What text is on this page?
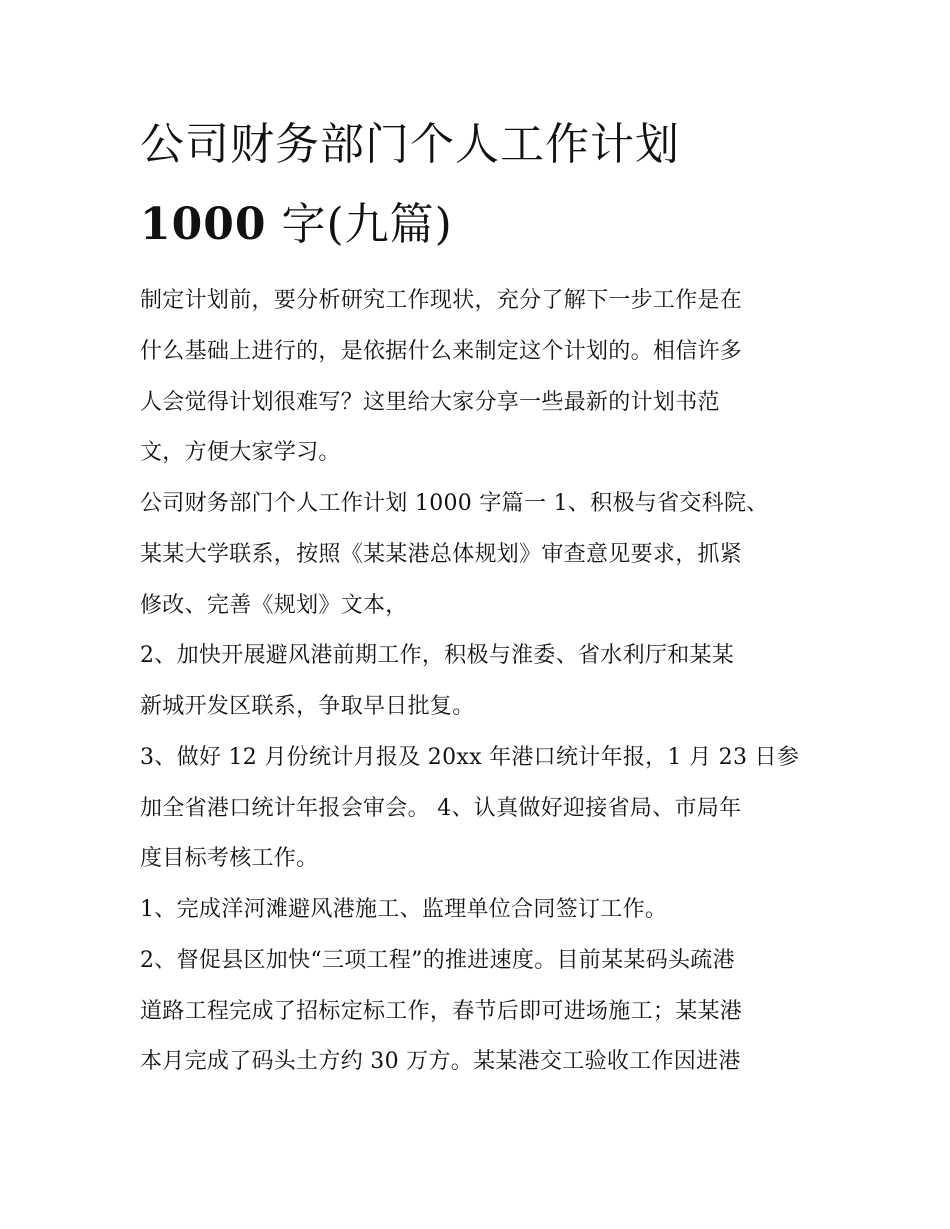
公司财务部门个人工作计划
1000 字(九篇)
制定计划前，要分析研究工作现状，充分了解下一步工作是在
什么基础上进行的，是依据什么来制定这个计划的。相信许多
人会觉得计划很难写？这里给大家分享一些最新的计划书范
文，方便大家学习。
公司财务部门个人工作计划 1000 字篇一 1、积极与省交科院、
某某大学联系，按照《某某港总体规划》审查意见要求，抓紧
修改、完善《规划》文本，
2、加快开展避风港前期工作，积极与淮委、省水利厅和某某
新城开发区联系，争取早日批复。
3、做好 12 月份统计月报及 20xx 年港口统计年报，1 月 23 日参
加全省港口统计年报会审会。 4、认真做好迎接省局、市局年
度目标考核工作。
1、完成洋河滩避风港施工、监理单位合同签订工作。
2、督促县区加快“三项工程”的推进速度。目前某某码头疏港
道路工程完成了招标定标工作，春节后即可进场施工；某某港
本月完成了码头土方约 30 万方。某某港交工验收工作因进港
